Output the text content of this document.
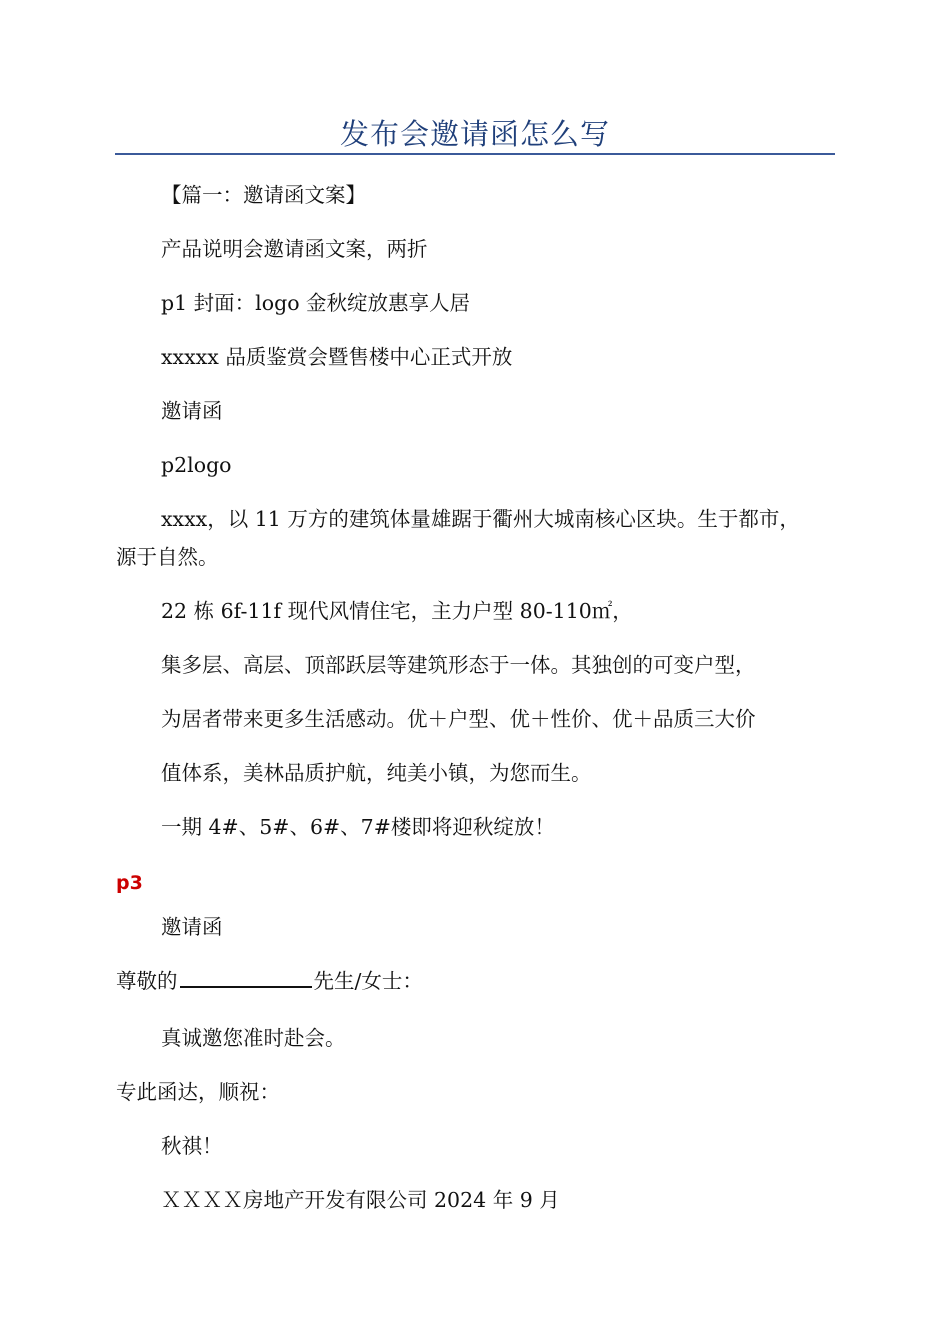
发布会邀请函怎么写
【篇一：邀请函文案】
产品说明会邀请函文案，两折
p1 封面：logo 金秋绽放惠享人居
xxxxx 品质鉴赏会暨售楼中心正式开放
邀请函
p2logo
xxxx，以 11 万方的建筑体量雄踞于衢州大城南核心区块。生于都市，源于自然。
22 栋 6f-11f 现代风情住宅，主力户型 80-110㎡，
集多层、高层、顶部跃层等建筑形态于一体。其独创的可变户型，
为居者带来更多生活感动。优＋户型、优＋性价、优＋品质三大价
值体系，美林品质护航，纯美小镇，为您而生。
一期 4#、5#、6#、7#楼即将迎秋绽放！
p3
邀请函
尊敬的	先生/女士：
真诚邀您准时赴会。
专此函达，顺祝：
秋祺！
ＸＸＸＸ房地产开发有限公司 2024 年 9 月
